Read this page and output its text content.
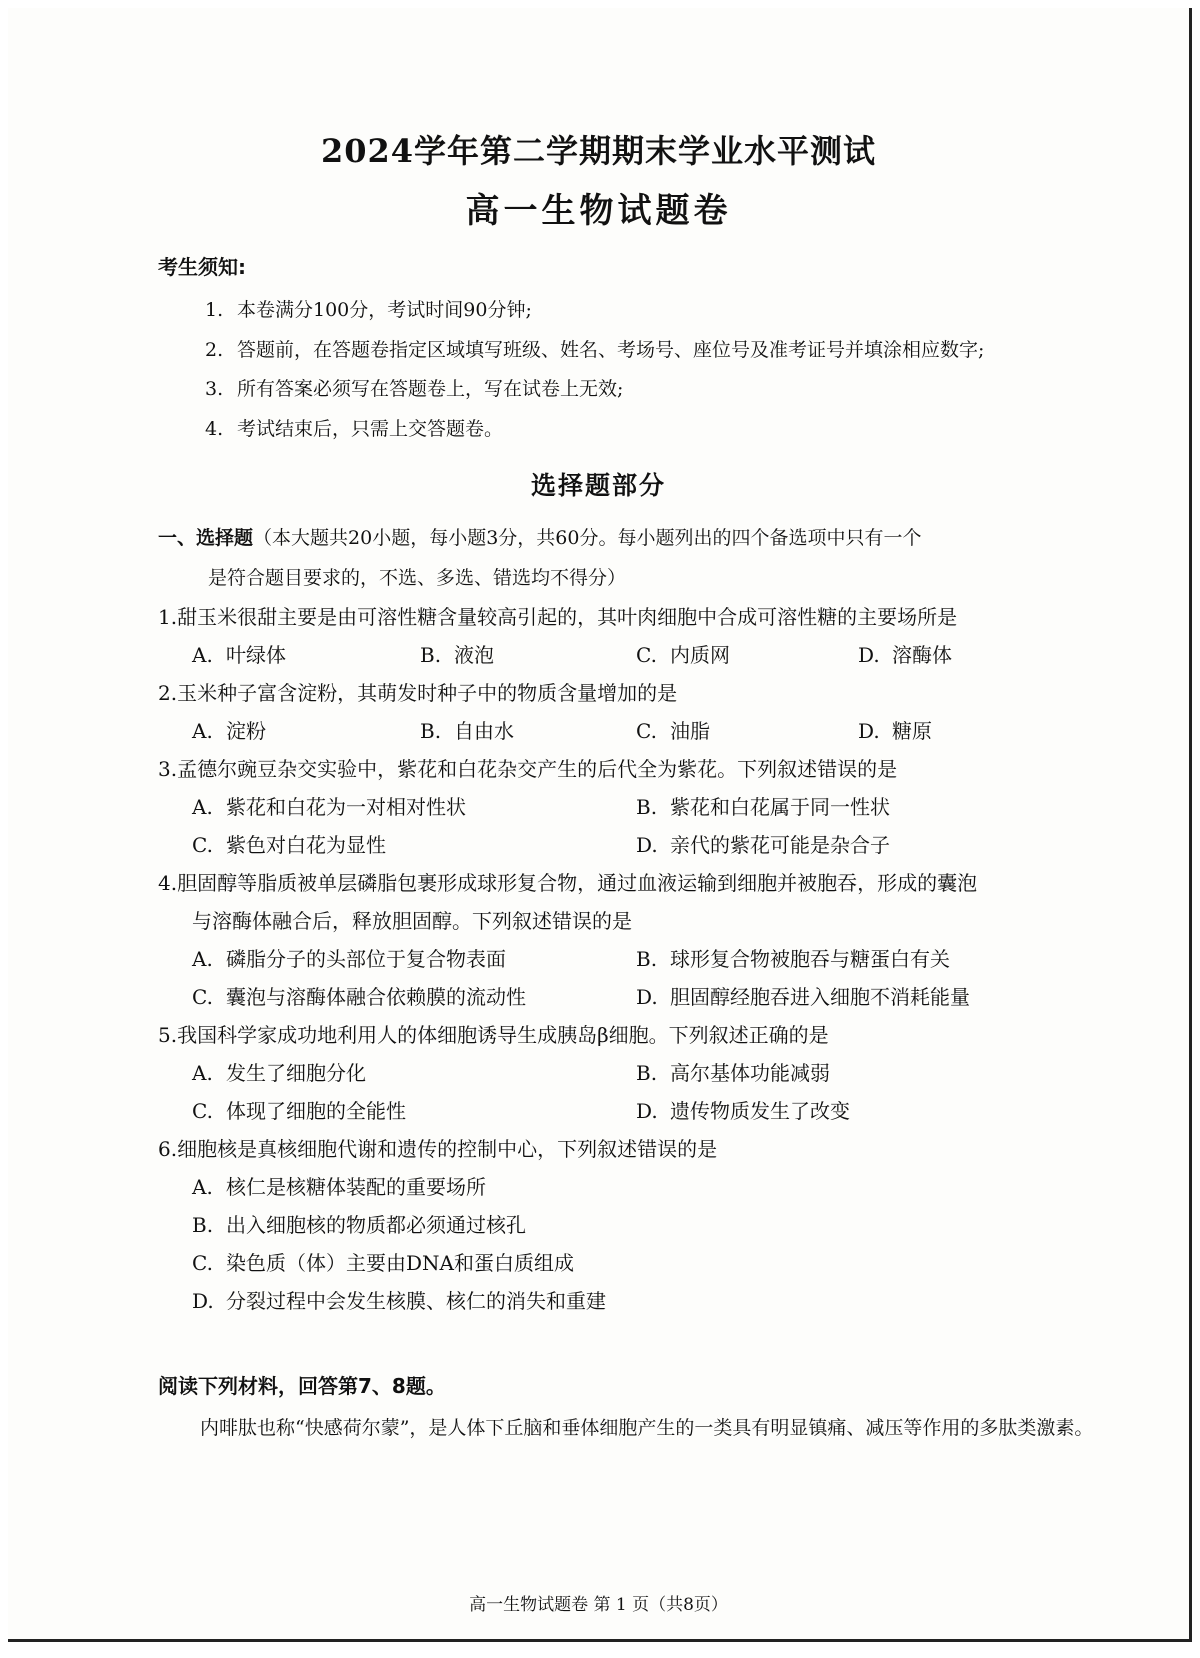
2024学年第二学期期末学业水平测试
高一生物试题卷
考生须知:
1. 本卷满分100分，考试时间90分钟;
2. 答题前，在答题卷指定区域填写班级、姓名、考场号、座位号及准考证号并填涂相应数字;
3. 所有答案必须写在答题卷上，写在试卷上无效;
4. 考试结束后，只需上交答题卷。
选择题部分
一、选择题（本大题共20小题，每小题3分，共60分。每小题列出的四个备选项中只有一个
是符合题目要求的，不选、多选、错选均不得分）
1.甜玉米很甜主要是由可溶性糖含量较高引起的，其叶肉细胞中合成可溶性糖的主要场所是
A. 叶绿体	B. 液泡	C. 内质网	D. 溶酶体
2.玉米种子富含淀粉，其萌发时种子中的物质含量增加的是
A. 淀粉	B. 自由水	C. 油脂	D. 糖原
3.孟德尔豌豆杂交实验中，紫花和白花杂交产生的后代全为紫花。下列叙述错误的是
A. 紫花和白花为一对相对性状	B. 紫花和白花属于同一性状
C. 紫色对白花为显性	D. 亲代的紫花可能是杂合子
4.胆固醇等脂质被单层磷脂包裹形成球形复合物，通过血液运输到细胞并被胞吞，形成的囊泡
与溶酶体融合后，释放胆固醇。下列叙述错误的是
A. 磷脂分子的头部位于复合物表面	B. 球形复合物被胞吞与糖蛋白有关
C. 囊泡与溶酶体融合依赖膜的流动性	D. 胆固醇经胞吞进入细胞不消耗能量
5.我国科学家成功地利用人的体细胞诱导生成胰岛β细胞。下列叙述正确的是
A. 发生了细胞分化	B. 高尔基体功能减弱
C. 体现了细胞的全能性	D. 遗传物质发生了改变
6.细胞核是真核细胞代谢和遗传的控制中心，下列叙述错误的是
A. 核仁是核糖体装配的重要场所
B. 出入细胞核的物质都必须通过核孔
C. 染色质（体）主要由DNA和蛋白质组成
D. 分裂过程中会发生核膜、核仁的消失和重建
阅读下列材料，回答第7、8题。
内啡肽也称“快感荷尔蒙”，是人体下丘脑和垂体细胞产生的一类具有明显镇痛、减压等作用的多肽类激素。
高一生物试题卷 第 1 页（共8页）
